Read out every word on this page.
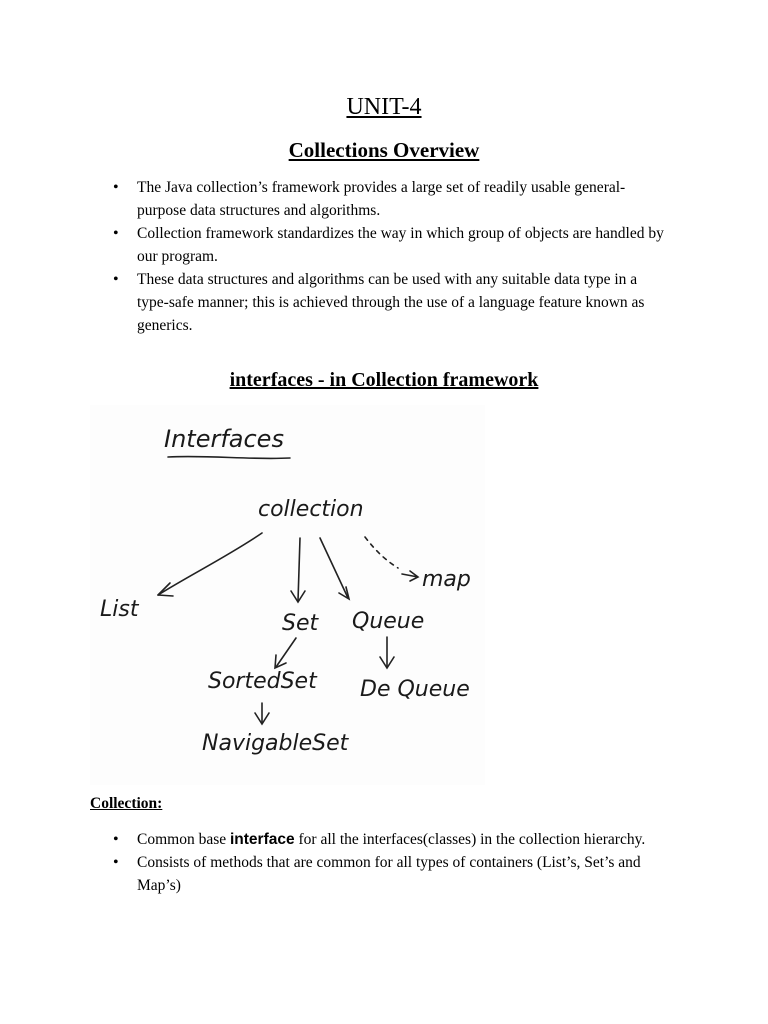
UNIT-4
Collections Overview
• The Java collection’s framework provides a large set of readily usable general-purpose data structures and algorithms.
• Collection framework standardizes the way in which group of objects are handled by our program.
• These data structures and algorithms can be used with any suitable data type in a type-safe manner; this is achieved through the use of a language feature known as generics.
interfaces - in Collection framework
Interfaces
collection
List
Set Queue
map
SortedSet De Queue
NavigableSet
Collection:
• Common base interface for all the interfaces(classes) in the collection hierarchy.
• Consists of methods that are common for all types of containers (List’s, Set’s and Map’s)
